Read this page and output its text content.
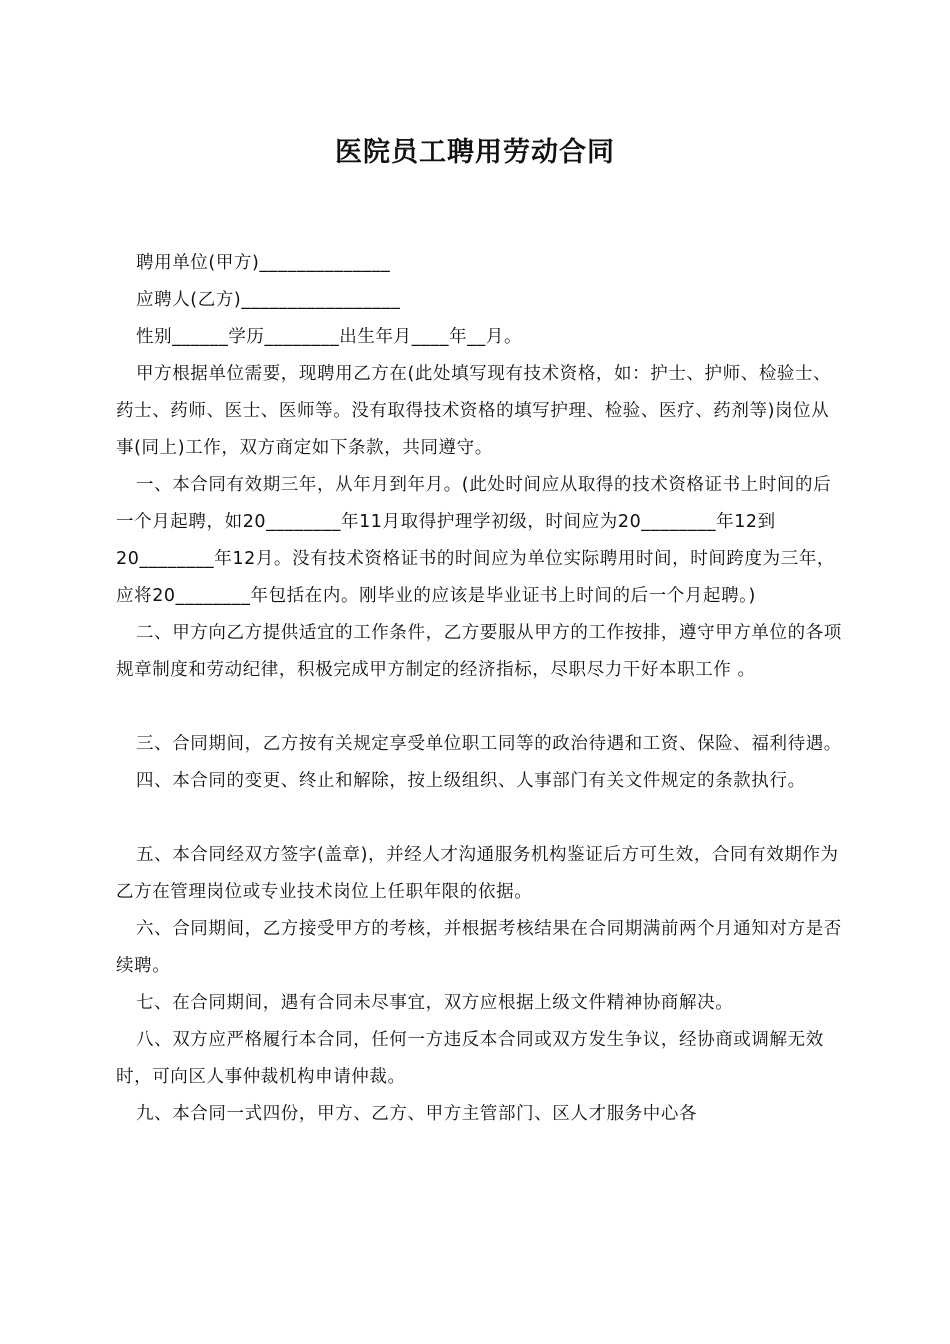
医院员工聘用劳动合同

聘用单位(甲方)______________

应聘人(乙方)_________________

性别______学历________出生年月____年__月。

甲方根据单位需要，现聘用乙方在(此处填写现有技术资格，如：护士、护师、检验士、药士、药师、医士、医师等。没有取得技术资格的填写护理、检验、医疗、药剂等)岗位从事(同上)工作，双方商定如下条款，共同遵守。

一、本合同有效期三年，从年月到年月。(此处时间应从取得的技术资格证书上时间的后一个月起聘，如20________年11月取得护理学初级，时间应为20________年12到20________年12月。没有技术资格证书的时间应为单位实际聘用时间，时间跨度为三年，应将20________年包括在内。刚毕业的应该是毕业证书上时间的后一个月起聘。)

二、甲方向乙方提供适宜的工作条件，乙方要服从甲方的工作按排，遵守甲方单位的各项规章制度和劳动纪律，积极完成甲方制定的经济指标，尽职尽力干好本职工作 。

三、合同期间，乙方按有关规定享受单位职工同等的政治待遇和工资、保险、福利待遇。

四、本合同的变更、终止和解除，按上级组织、人事部门有关文件规定的条款执行。

五、本合同经双方签字(盖章)，并经人才沟通服务机构鉴证后方可生效，合同有效期作为乙方在管理岗位或专业技术岗位上任职年限的依据。

六、合同期间，乙方接受甲方的考核，并根据考核结果在合同期满前两个月通知对方是否续聘。

七、在合同期间，遇有合同未尽事宜，双方应根据上级文件精神协商解决。

八、双方应严格履行本合同，任何一方违反本合同或双方发生争议，经协商或调解无效时，可向区人事仲裁机构申请仲裁。

九、本合同一式四份，甲方、乙方、甲方主管部门、区人才服务中心各
